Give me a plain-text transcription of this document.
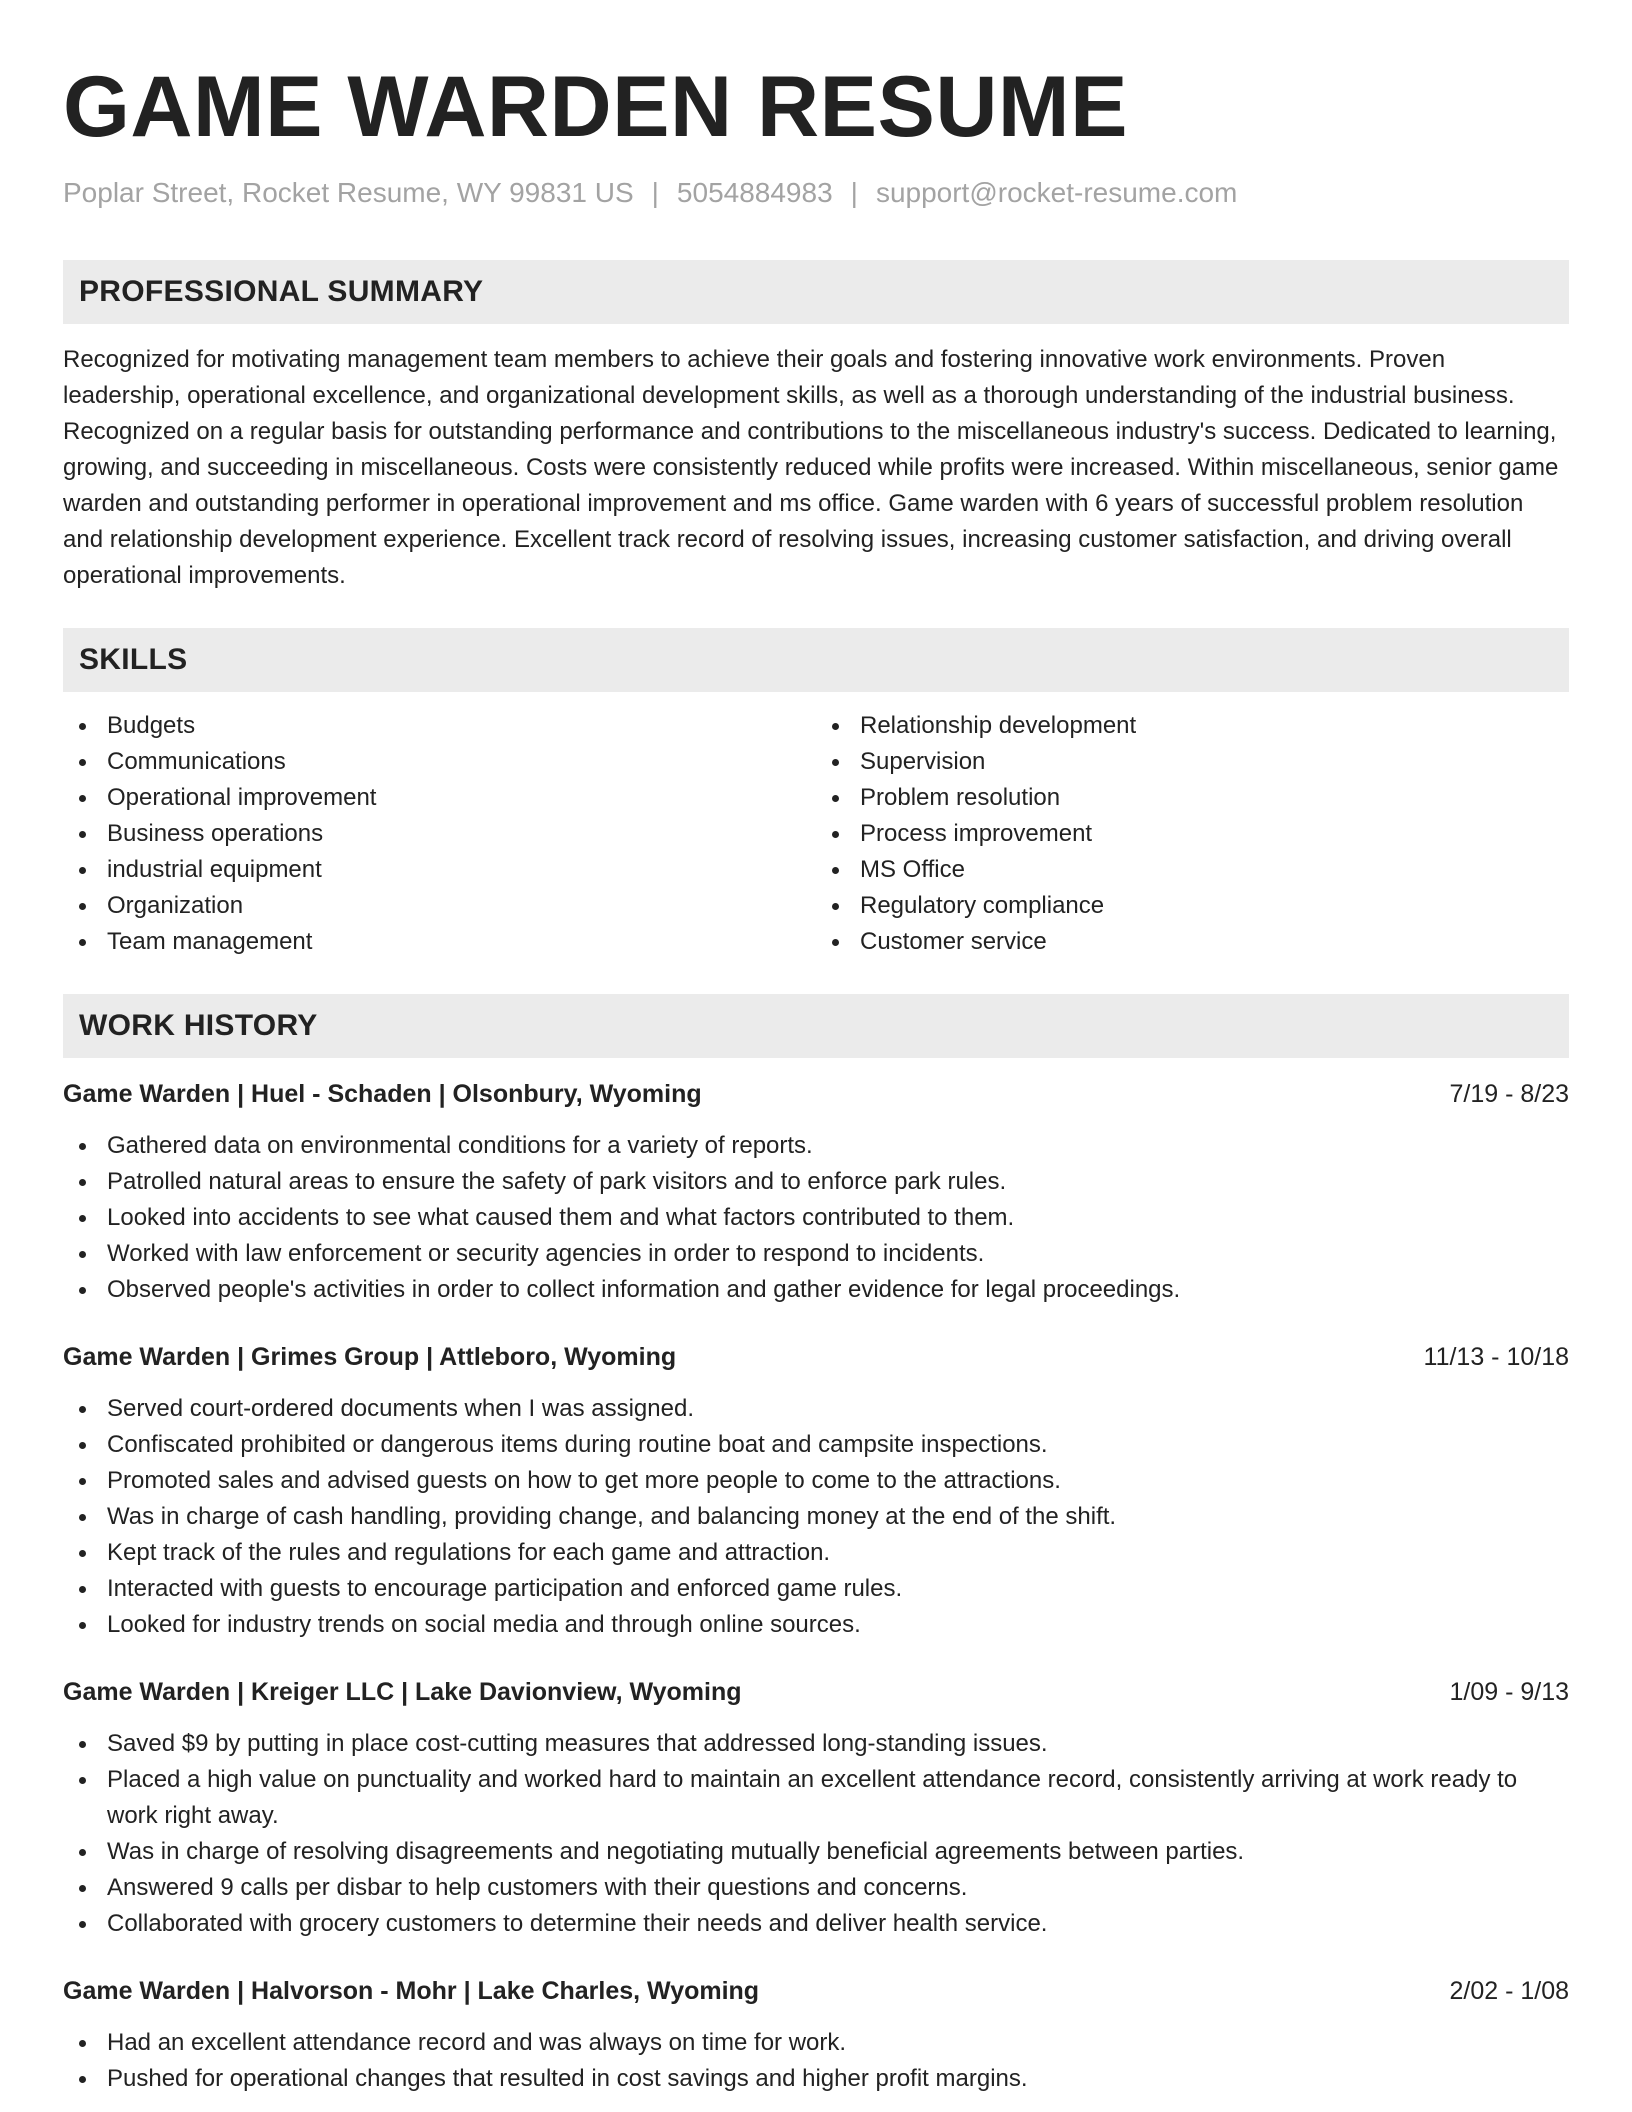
GAME WARDEN RESUME
Poplar Street, Rocket Resume, WY 99831 US | 5054884983 | support@rocket-resume.com
PROFESSIONAL SUMMARY

Recognized for motivating management team members to achieve their goals and fostering innovative work environments. Proven leadership, operational excellence, and organizational development skills, as well as a thorough understanding of the industrial business. Recognized on a regular basis for outstanding performance and contributions to the miscellaneous industry's success. Dedicated to learning, growing, and succeeding in miscellaneous. Costs were consistently reduced while profits were increased. Within miscellaneous, senior game warden and outstanding performer in operational improvement and ms office. Game warden with 6 years of successful problem resolution and relationship development experience. Excellent track record of resolving issues, increasing customer satisfaction, and driving overall operational improvements.

SKILLS
Budgets
Communications
Operational improvement
Business operations
industrial equipment
Organization
Team management
Relationship development
Supervision
Problem resolution
Process improvement
MS Office
Regulatory compliance
Customer service
WORK HISTORY
Game Warden | Huel - Schaden | Olsonbury, Wyoming	7/19 - 8/23
Gathered data on environmental conditions for a variety of reports.
Patrolled natural areas to ensure the safety of park visitors and to enforce park rules.
Looked into accidents to see what caused them and what factors contributed to them.
Worked with law enforcement or security agencies in order to respond to incidents.
Observed people's activities in order to collect information and gather evidence for legal proceedings.
Game Warden | Grimes Group | Attleboro, Wyoming	11/13 - 10/18
Served court-ordered documents when I was assigned.
Confiscated prohibited or dangerous items during routine boat and campsite inspections.
Promoted sales and advised guests on how to get more people to come to the attractions.
Was in charge of cash handling, providing change, and balancing money at the end of the shift.
Kept track of the rules and regulations for each game and attraction.
Interacted with guests to encourage participation and enforced game rules.
Looked for industry trends on social media and through online sources.
Game Warden | Kreiger LLC | Lake Davionview, Wyoming	1/09 - 9/13
Saved $9 by putting in place cost-cutting measures that addressed long-standing issues.
Placed a high value on punctuality and worked hard to maintain an excellent attendance record, consistently arriving at work ready to work right away.
Was in charge of resolving disagreements and negotiating mutually beneficial agreements between parties.
Answered 9 calls per disbar to help customers with their questions and concerns.
Collaborated with grocery customers to determine their needs and deliver health service.
Game Warden | Halvorson - Mohr | Lake Charles, Wyoming	2/02 - 1/08
Had an excellent attendance record and was always on time for work.
Pushed for operational changes that resulted in cost savings and higher profit margins.
